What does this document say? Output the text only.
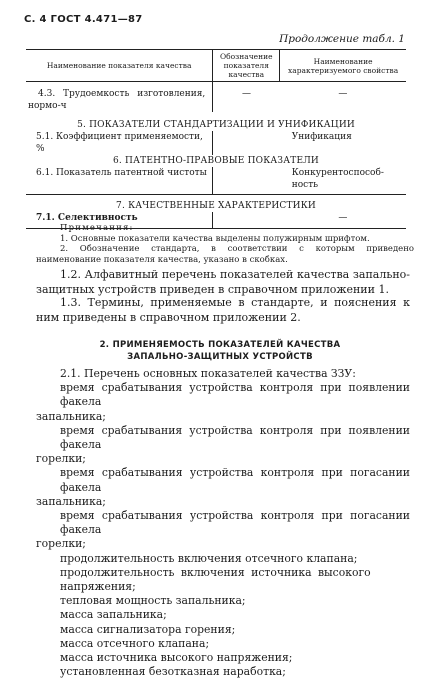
С. 4 ГОСТ 4.471—87
Продолжение табл. 1
Наименование показателя качества	Обозначение показателя качества	Наименование характеризуемого свойства

4.3. Трудоемкость изготовления,
нормо-ч	—	—
5. ПОКАЗАТЕЛИ СТАНДАРТИЗАЦИИ И УНИФИКАЦИИ		
5.1. Коэффициент применяемости, %		Унификация
6. ПАТЕНТНО-ПРАВОВЫЕ ПОКАЗАТЕЛИ		
6.1. Показатель патентной чистоты		Конкурентоспособ-
ность

7. КАЧЕСТВЕННЫЕ ХАРАКТЕРИСТИКИ		
7.1. Селективность		—
Примечания:

1. Основные показатели качества выделены полужирным шрифтом.

2. Обозначение стандарта, в соответствии с которым приведено наименование показателя качества, указано в скобках.

1.2. Алфавитный перечень показателей качества запально-защитных устройств приведен в справочном приложении 1.
1.3. Термины, применяемые в стандарте, и пояснения к ним приведены в справочном приложении 2.
2. ПРИМЕНЯЕМОСТЬ ПОКАЗАТЕЛЕЙ КАЧЕСТВА
ЗАПАЛЬНО-ЗАЩИТНЫХ УСТРОЙСТВ
2.1. Перечень основных показателей качества ЗЗУ:
время срабатывания устройства контроля при появлении факела
запальника;
время срабатывания устройства контроля при появлении факела
горелки;
время срабатывания устройства контроля при погасании факела
запальника;
время срабатывания устройства контроля при погасании факела
горелки;
продолжительность включения отсечного клапана;
продолжительность включения источника высокого напряжения;
тепловая мощность запальника;
масса запальника;
масса сигнализатора горения;
масса отсечного клапана;
масса источника высокого напряжения;
установленная безотказная наработка;
